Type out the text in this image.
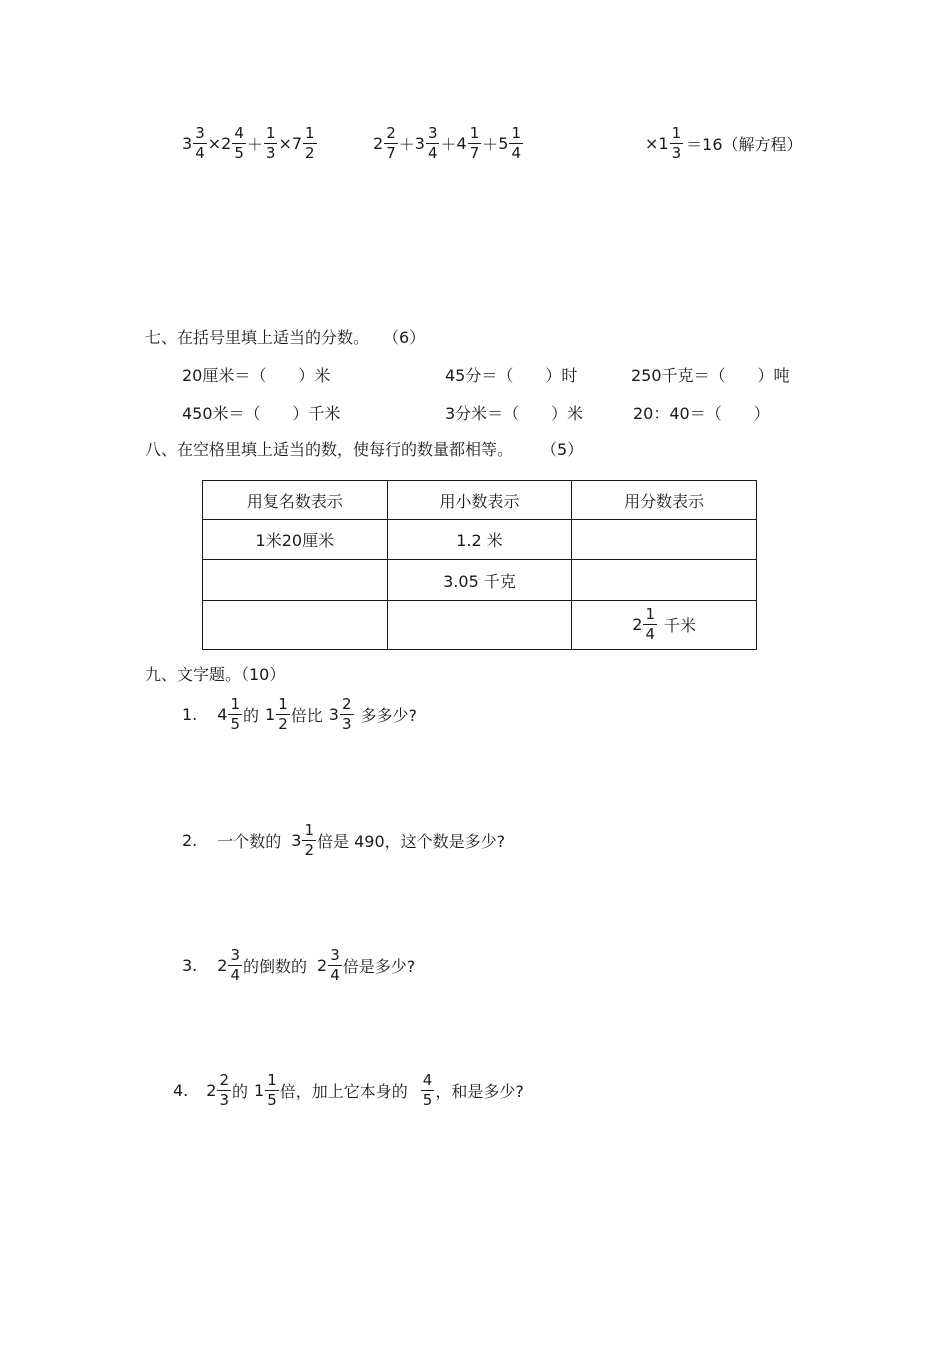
$3 \frac{3}{4} \times 2 \frac{4}{5} + \frac{1}{3} \times 7 \frac{1}{2}$	$2 \frac{2}{7} + 3 \frac{3}{4} + 4 \frac{1}{7} + 5 \frac{1}{4}$	× $1 \frac{1}{3} =16$（解方程）
七、在括号里填上适当的分数。 （6）
20厘米＝（　　）米	45分＝（　　）时	250千克＝（　　）吨
450米＝（　　）千米	3分米＝（　　）米	20：40＝（　　）
八、在空格里填上适当的数，使每行的数量都相等。 （5）
用复名数表示	用小数表示	用分数表示
1米20厘米	1.2 米	
	3.05 千克	

		$2 \frac{1}{4}$ 千米
九、文字题。（10）
1. $4 \frac{1}{5}$ 的 $1 \frac{1}{2}$ 倍比 $3 \frac{2}{3}$ 多多少?
2. 一个数的 $3 \frac{1}{2}$ 倍是 490，这个数是多少?
3. $2 \frac{3}{4}$ 的倒数的 $2 \frac{3}{4}$ 倍是多少?
4. $2 \frac{2}{3}$ 的 $1 \frac{1}{5}$ 倍，加上它本身的 $\frac{4}{5}$ ，和是多少?
